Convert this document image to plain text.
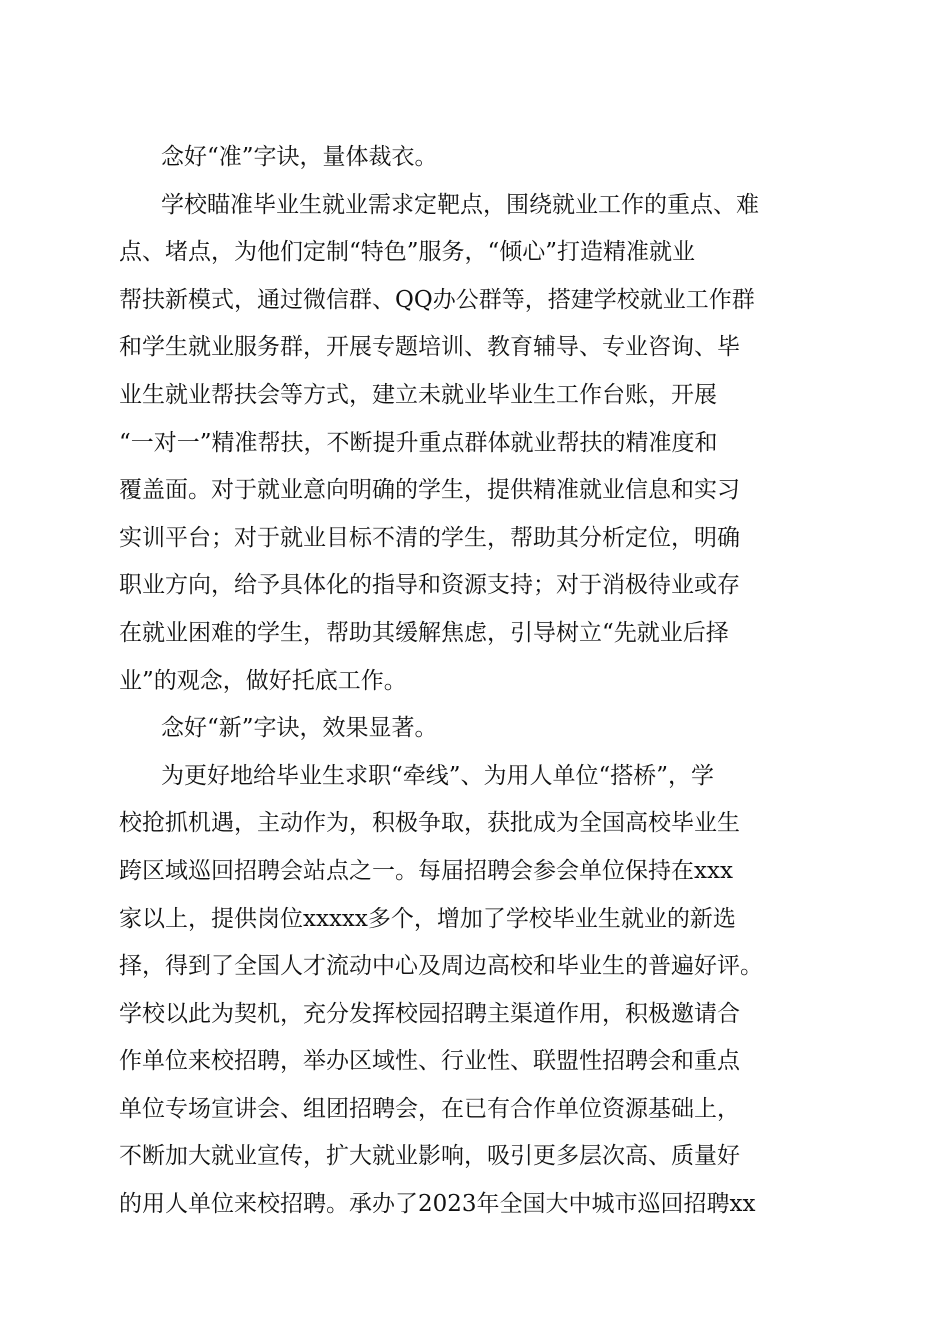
念好“准”字诀，量体裁衣。

学校瞄准毕业生就业需求定靶点，围绕就业工作的重点、难
点、堵点，为他们定制“特色”服务，“倾心”打造精准就业
帮扶新模式，通过微信群、QQ办公群等，搭建学校就业工作群
和学生就业服务群，开展专题培训、教育辅导、专业咨询、毕
业生就业帮扶会等方式，建立未就业毕业生工作台账，开展
“一对一”精准帮扶，不断提升重点群体就业帮扶的精准度和
覆盖面。对于就业意向明确的学生，提供精准就业信息和实习
实训平台；对于就业目标不清的学生，帮助其分析定位，明确
职业方向，给予具体化的指导和资源支持；对于消极待业或存
在就业困难的学生，帮助其缓解焦虑，引导树立“先就业后择
业”的观念，做好托底工作。

念好“新”字诀，效果显著。

为更好地给毕业生求职“牵线”、为用人单位“搭桥”，学
校抢抓机遇，主动作为，积极争取，获批成为全国高校毕业生
跨区域巡回招聘会站点之一。每届招聘会参会单位保持在xxx
家以上，提供岗位xxxxx多个，增加了学校毕业生就业的新选
择，得到了全国人才流动中心及周边高校和毕业生的普遍好评。
学校以此为契机，充分发挥校园招聘主渠道作用，积极邀请合
作单位来校招聘，举办区域性、行业性、联盟性招聘会和重点
单位专场宣讲会、组团招聘会，在已有合作单位资源基础上，
不断加大就业宣传，扩大就业影响，吸引更多层次高、质量好
的用人单位来校招聘。承办了2023年全国大中城市巡回招聘xx
